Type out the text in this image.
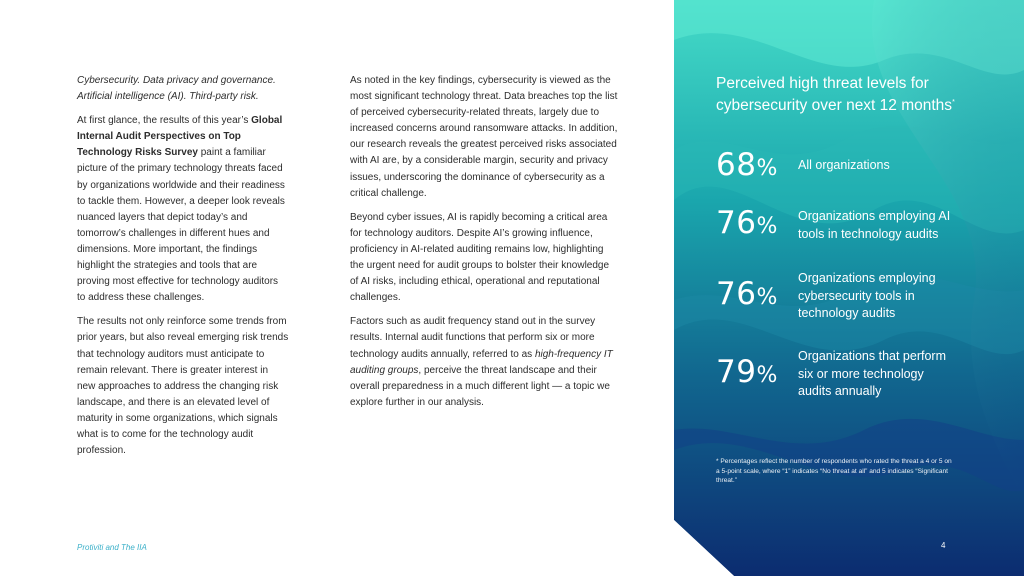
Cybersecurity. Data privacy and governance. Artificial intelligence (AI). Third-party risk.

At first glance, the results of this year’s Global Internal Audit Perspectives on Top Technology Risks Survey paint a familiar picture of the primary technology threats faced by organizations worldwide and their readiness to tackle them. However, a deeper look reveals nuanced layers that depict today’s and tomorrow’s challenges in different hues and dimensions. More important, the findings highlight the strategies and tools that are proving most effective for technology auditors to address these challenges.

The results not only reinforce some trends from prior years, but also reveal emerging risk trends that technology auditors must anticipate to remain relevant. There is greater interest in new approaches to address the changing risk landscape, and there is an elevated level of maturity in some organizations, which signals what is to come for the technology audit profession.

As noted in the key findings, cybersecurity is viewed as the most significant technology threat. Data breaches top the list of perceived cybersecurity-related threats, largely due to increased concerns around ransomware attacks. In addition, our research reveals the greatest perceived risks associated with AI are, by a considerable margin, security and privacy issues, underscoring the dominance of cybersecurity as a critical challenge.

Beyond cyber issues, AI is rapidly becoming a critical area for technology auditors. Despite AI’s growing influence, proficiency in AI-related auditing remains low, highlighting the urgent need for audit groups to bolster their knowledge of AI risks, including ethical, operational and reputational challenges.

Factors such as audit frequency stand out in the survey results. Internal audit functions that perform six or more technology audits annually, referred to as high-frequency IT auditing groups, perceive the threat landscape and their overall preparedness in a much different light — a topic we explore further in our analysis.

Perceived high threat levels for cybersecurity over next 12 months*
68% All organizations
76% Organizations employing AI tools in technology audits
76%
Organizations employing cybersecurity tools in technology audits
79%
Organizations that perform six or more technology audits annually
* Percentages reflect the number of respondents who rated the threat a 4 or 5 on a 5-point scale, where “1” indicates “No threat at all” and 5 indicates “Significant threat.”
Protiviti and The IIA	4
